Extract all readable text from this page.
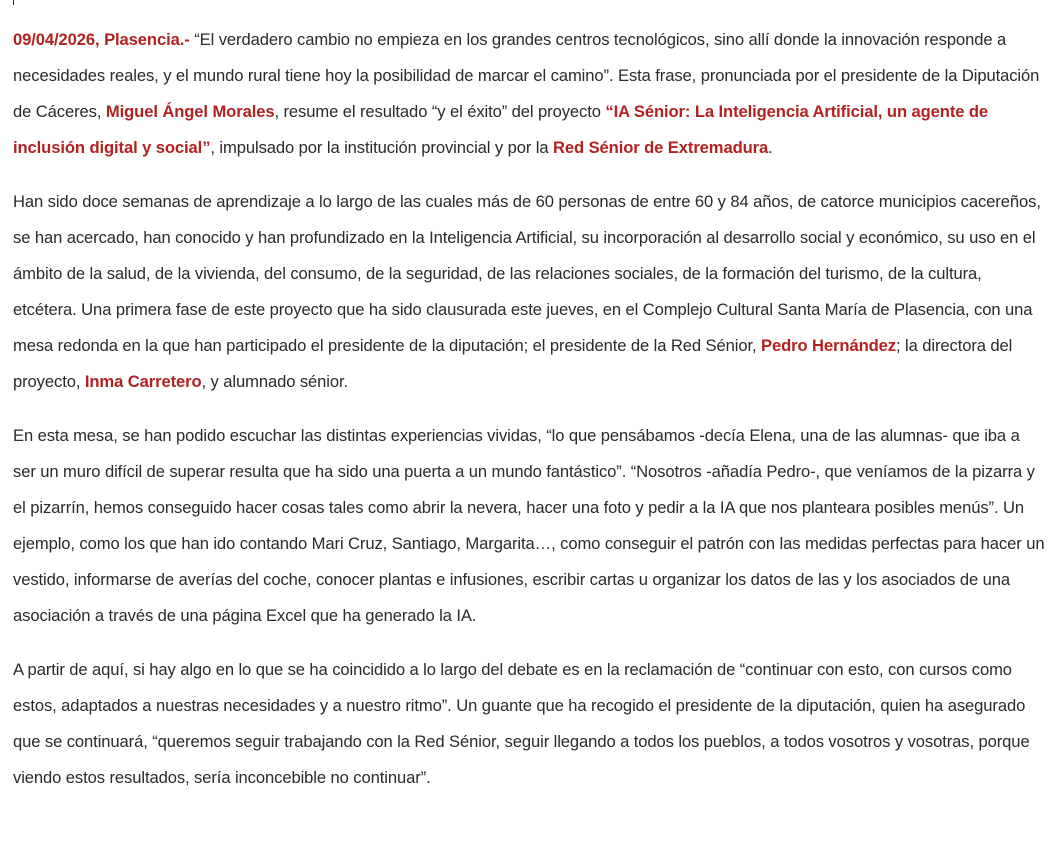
09/04/2026, Plasencia.- “El verdadero cambio no empieza en los grandes centros tecnológicos, sino allí donde la innovación responde a necesidades reales, y el mundo rural tiene hoy la posibilidad de marcar el camino”. Esta frase, pronunciada por el presidente de la Diputación de Cáceres, Miguel Ángel Morales, resume el resultado “y el éxito” del proyecto “IA Sénior: La Inteligencia Artificial, un agente de inclusión digital y social”, impulsado por la institución provincial y por la Red Sénior de Extremadura.

Han sido doce semanas de aprendizaje a lo largo de las cuales más de 60 personas de entre 60 y 84 años, de catorce municipios cacereños, se han acercado, han conocido y han profundizado en la Inteligencia Artificial, su incorporación al desarrollo social y económico, su uso en el ámbito de la salud, de la vivienda, del consumo, de la seguridad, de las relaciones sociales, de la formación del turismo, de la cultura, etcétera. Una primera fase de este proyecto que ha sido clausurada este jueves, en el Complejo Cultural Santa María de Plasencia, con una mesa redonda en la que han participado el presidente de la diputación; el presidente de la Red Sénior, Pedro Hernández; la directora del proyecto, Inma Carretero, y alumnado sénior.

En esta mesa, se han podido escuchar las distintas experiencias vividas, “lo que pensábamos -decía Elena, una de las alumnas- que iba a ser un muro difícil de superar resulta que ha sido una puerta a un mundo fantástico”. “Nosotros -añadía Pedro-, que veníamos de la pizarra y el pizarrín, hemos conseguido hacer cosas tales como abrir la nevera, hacer una foto y pedir a la IA que nos planteara posibles menús”. Un ejemplo, como los que han ido contando Mari Cruz, Santiago, Margarita…, como conseguir el patrón con las medidas perfectas para hacer un vestido, informarse de averías del coche, conocer plantas e infusiones, escribir cartas u organizar los datos de las y los asociados de una asociación a través de una página Excel que ha generado la IA.

A partir de aquí, si hay algo en lo que se ha coincidido a lo largo del debate es en la reclamación de “continuar con esto, con cursos como estos, adaptados a nuestras necesidades y a nuestro ritmo”. Un guante que ha recogido el presidente de la diputación, quien ha asegurado que se continuará, “queremos seguir trabajando con la Red Sénior, seguir llegando a todos los pueblos, a todos vosotros y vosotras, porque viendo estos resultados, sería inconcebible no continuar”.
